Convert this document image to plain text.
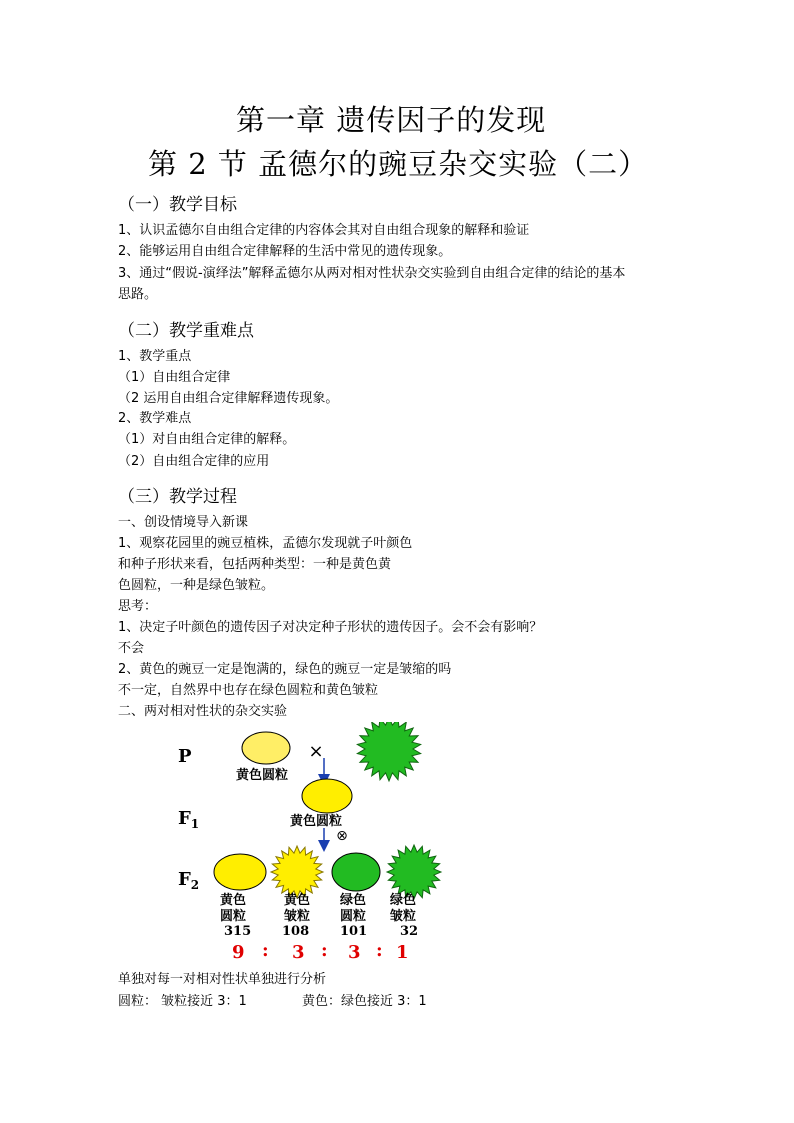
第一章 遗传因子的发现
第 2 节 孟德尔的豌豆杂交实验（二）
（一）教学目标
1、认识孟德尔自由组合定律的内容体会其对自由组合现象的解释和验证
2、能够运用自由组合定律解释的生活中常见的遗传现象。
3、通过“假说-演绎法”解释孟德尔从两对相对性状杂交实验到自由组合定律的结论的基本
思路。
（二）教学重难点
1、教学重点
（1）自由组合定律
（2 运用自由组合定律解释遗传现象。
2、教学难点
（1）对自由组合定律的解释。
（2）自由组合定律的应用
（三）教学过程
一、创设情境导入新课
1、观察花园里的豌豆植株，孟德尔发现就子叶颜色
和种子形状来看，包括两种类型：一种是黄色黄
色圆粒，一种是绿色皱粒。
思考：
1、决定子叶颜色的遗传因子对决定种子形状的遗传因子。会不会有影响？
不会
2、黄色的豌豆一定是饱满的，绿色的豌豆一定是皱缩的吗
不一定，自然界中也存在绿色圆粒和黄色皱粒
二、两对相对性状的杂交实验
P
$F_1$
$F_2$
×
黄色圆粒
黄色圆粒
⊗
黄色
圆粒
315
黄色
皱粒
108
绿色
圆粒
101
绿色
皱粒
32
9 : 3 : 3 : 1
单独对每一对相对性状单独进行分析
圆粒： 皱粒接近 3：1	黄色：绿色接近 3：1
